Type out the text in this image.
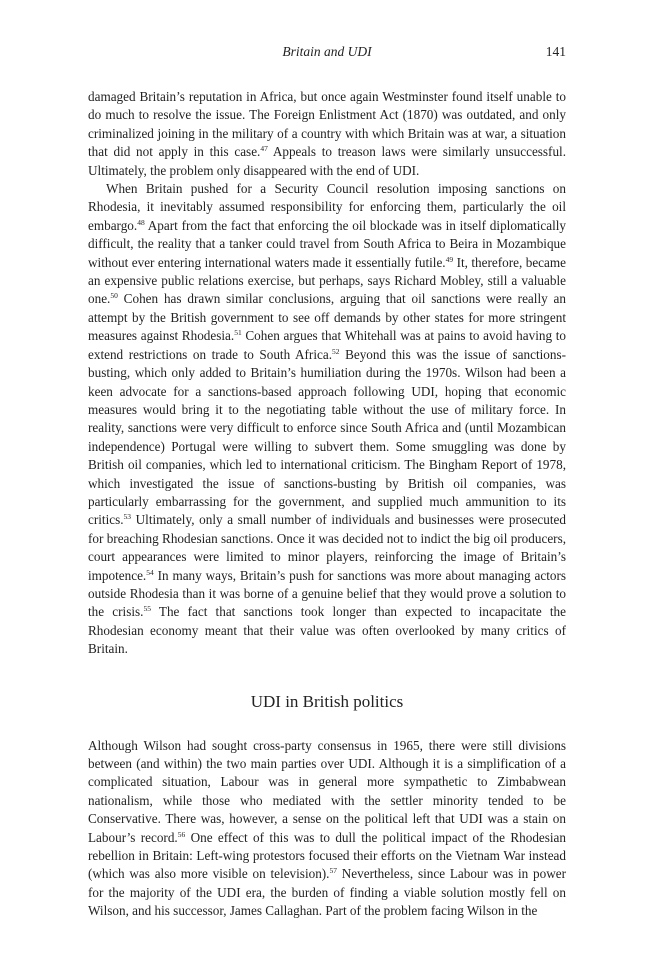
Britain and UDI	141

damaged Britain’s reputation in Africa, but once again Westminster found itself unable to do much to resolve the issue. The Foreign Enlistment Act (1870) was outdated, and only criminalized joining in the military of a country with which Britain was at war, a situation that did not apply in this case.$^{47}$ Appeals to treason laws were similarly unsuccessful. Ultimately, the problem only disappeared with the end of UDI.

When Britain pushed for a Security Council resolution imposing sanctions on Rhodesia, it inevitably assumed responsibility for enforcing them, particularly the oil embargo.$^{48}$ Apart from the fact that enforcing the oil blockade was in itself diplomatically difficult, the reality that a tanker could travel from South Africa to Beira in Mozambique without ever entering international waters made it essentially futile.$^{49}$ It, therefore, became an expensive public relations exercise, but perhaps, says Richard Mobley, still a valuable one.$^{50}$ Cohen has drawn similar conclusions, arguing that oil sanctions were really an attempt by the British government to see off demands by other states for more stringent measures against Rhodesia.$^{51}$ Cohen argues that Whitehall was at pains to avoid having to extend restrictions on trade to South Africa.$^{52}$ Beyond this was the issue of sanctions-busting, which only added to Britain’s humiliation during the 1970s. Wilson had been a keen advocate for a sanctions-based approach following UDI, hoping that economic measures would bring it to the negotiating table without the use of military force. In reality, sanctions were very difficult to enforce since South Africa and (until Mozambican independence) Portugal were willing to subvert them. Some smuggling was done by British oil companies, which led to international criticism. The Bingham Report of 1978, which investigated the issue of sanctions-busting by British oil companies, was particularly embarrassing for the government, and supplied much ammunition to its critics.$^{53}$ Ultimately, only a small number of individuals and businesses were prosecuted for breaching Rhodesian sanctions. Once it was decided not to indict the big oil producers, court appearances were limited to minor players, reinforcing the image of Britain’s impotence.$^{54}$ In many ways, Britain’s push for sanctions was more about managing actors outside Rhodesia than it was borne of a genuine belief that they would prove a solution to the crisis.$^{55}$ The fact that sanctions took longer than expected to incapacitate the Rhodesian economy meant that their value was often overlooked by many critics of Britain.

UDI in British politics

Although Wilson had sought cross-party consensus in 1965, there were still divisions between (and within) the two main parties over UDI. Although it is a simplification of a complicated situation, Labour was in general more sympathetic to Zimbabwean nationalism, while those who mediated with the settler minority tended to be Conservative. There was, however, a sense on the political left that UDI was a stain on Labour’s record.$^{56}$ One effect of this was to dull the political impact of the Rhodesian rebellion in Britain: Left-wing protestors focused their efforts on the Vietnam War instead (which was also more visible on television).$^{57}$ Nevertheless, since Labour was in power for the majority of the UDI era, the burden of finding a viable solution mostly fell on Wilson, and his successor, James Callaghan. Part of the problem facing Wilson in the
